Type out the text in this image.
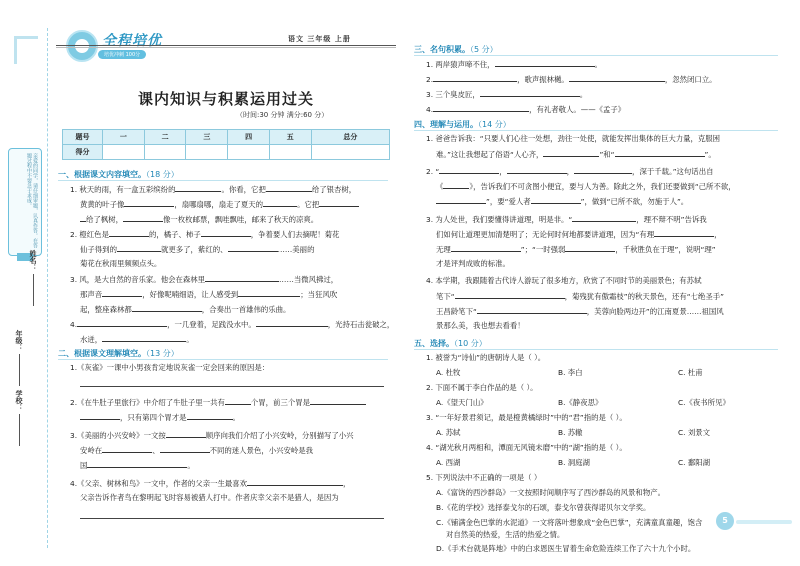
亲爱的同学，请仔细审题，认真作答。在答题过程中不要急于求成。
年级：
姓名：
学校：
全程培优
培优冲刺 100分
语文 三年级 上册
课内知识与积累运用过关
（时间:30 分钟 满分:60 分）
题号	一	二	三	四	五	总分
得分						
一、根据课文内容填空。（18 分）
1. 秋天的雨，有一盒五彩缤纷的	。你看，它把	给了银杏树，
黄黄的叶子像	，扇哪扇哪，扇走了夏天的	。它把
给了枫树，	像一枚枚邮票，飘哇飘哇，邮来了秋天的凉爽。
2. 橙红色是	的，橘子、柿子	，争着要人们去摘呢！菊花
仙子得到的	就更多了，紫红的、	……美丽的
菊花在秋雨里频频点头。
3. 风，是大自然的音乐家。他会在森林里	……当微风拂过，
那声音	，好像呢喃细语，让人感受到	；当狂风吹
起，整座森林都	，合奏出一首雄伟的乐曲。
4.	，一几登着，足践没水中。	，光持石击瓮破之，
水迸，	。
二、根据课文理解填空。（13 分）
1.《灰雀》一课中小男孩肯定地说灰雀一定会回来的原因是：
2.《在牛肚子里旅行》中介绍了牛肚子里一共有	个胃，前三个胃是
，只有第四个胃才是	。
3.《美丽的小兴安岭》一文按	顺序向我们介绍了小兴安岭，分别描写了小兴
安岭在	、	不同的迷人景色，小兴安岭是我
国	。
4.《父亲、树林和鸟》一文中，作者的父亲一生最喜欢	，
父亲告诉作者鸟在黎明起飞时容易被猎人打中。作者庆幸父亲不是猎人，是因为
三、名句积累。（5 分）
1. 两岸猿声啼不住，	。
2.	，歌声振林樾。	，忽然闭口立。
3. 三个臭皮匠，	。
4.	，有礼者敬人。——《孟子》
四、理解与运用。（14 分）
1. 爸爸告诉我：“只要人们心往一处想，劲往一处使，就能发挥出集体的巨大力量，克服困
难。”这让我想起了俗语“人心齐，	”和“	”。
2. “	，	，	，深于千载。”这句话出自
《	》，告诉我们不可贪图小便宜，要与人为善。除此之外，我们还要做到“己所不欲，
”，要“爱人者	”，做到“已所不欲，勿施于人”。
3. 为人处世，我们要懂得讲道理，明是非。“	，理不辩不明”告诉我
们如何让道理更加清楚明了；无论何时何地都要讲道理，因为“有理	，
无理	”；“一时强弱	，千秋胜负在于理”，说明“理”
才是评判成败的标准。
4. 本学期，我跟随着古代诗人游玩了很多地方，欣赏了不同时节的美丽景色；有苏轼
笔下“	，菊残犹有傲霜枝”的秋天景色，还有“七绝圣手”
王昌龄笔下“	，芙蓉向脸两边开”的江南夏景……祖国风
景那么美，我也想去看看！
五、选择。（10 分）
1. 被誉为“诗仙”的唐朝诗人是（ ）。
A. 杜牧	B. 李白	C. 杜甫
2. 下面不属于李白作品的是（ ）。
A.《望天门山》	B.《静夜思》	C.《夜书所见》
3. “一年好景君须记，最是橙黄橘绿时”中的“君”指的是（ ）。
A. 苏轼	B. 苏辙	C. 刘景文
4. “湖光秋月两相和，潭面无风镜未磨”中的“湖”指的是（ ）。
A. 西湖	B. 洞庭湖	C. 鄱阳湖
5. 下列说法中不正确的一项是（ ）
A.《富饶的西沙群岛》一文按照时间顺序写了西沙群岛的风景和物产。
B.《花的学校》选择泰戈尔的石颂，泰戈尔曾获得诺贝尔文学奖。
C.《铺满金色巴掌的水泥道》一文将落叶想象成“金色巴掌”，充满童真童趣，饱含
对自然美的热爱，生活的热爱之情。
D.《手术台就是阵地》中的白求恩医生冒着生命危险连续工作了六十九个小时。
5
